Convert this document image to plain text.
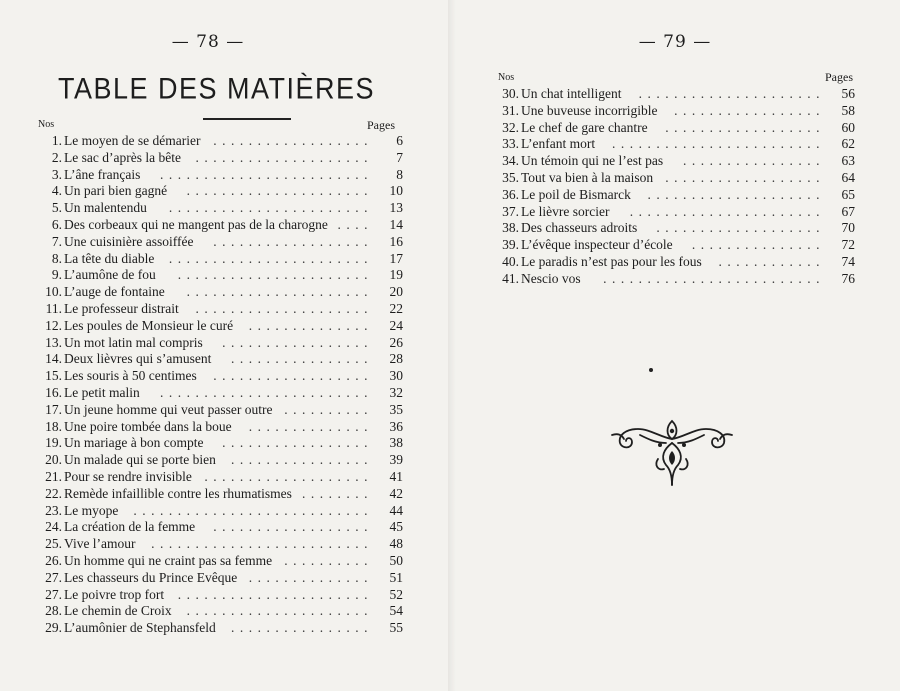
— 78 —
TABLE DES MATIÈRES
Nos	Pages
1. Le moyen de se démarier ..................	6
2. Le sac d’après la bête	....................	7
3. L’âne français	........................	8
4. Un pari bien gagné	.....................	10
5. Un malentendu	.......................	13
6. Des corbeaux qui ne mangent pas de la charogne ....	14
7. Une cuisinière assoiffée	..................	16
8. La tête du diable	.......................	17
9. L’aumône de fou	......................	19
10. L’auge de fontaine	.....................	20
11. Le professeur distrait	....................	22
12. Les poules de Monsieur le curé	..............	24
13. Un mot latin mal compris	.................	26
14. Deux lièvres qui s’amusent	................	28
15. Les souris à 50 centimes	..................	30
16. Le petit malin	........................	32
17. Un jeune homme qui veut passer outre ..........	35
18. Une poire tombée dans la boue	..............	36
19. Un mariage à bon compte	.................	38
20. Un malade qui se porte bien	................	39
21. Pour se rendre invisible ...................	41
22. Remède infaillible contre les rhumatismes ........	42
23. Le myope	...........................	44
24. La création de la femme	..................	45
25. Vive l’amour	.........................	48
26. Un homme qui ne craint pas sa femme ..........	50
27. Les chasseurs du Prince Evêque ..............	51
27. Le poivre trop fort	......................	52
28. Le chemin de Croix	.....................	54
29. L’aumônier de Stephansfeld	................	55
— 79 —
Nos	Pages
30. Un chat intelligent	.....................	56
31. Une buveuse incorrigible	.................	58
32. Le chef de gare chantre	..................	60
33. L’enfant mort	........................	62
34. Un témoin qui ne l’est pas	................	63
35. Tout va bien à la maison ..................	64
36. Le poil de Bismarck	....................	65
37. Le lièvre sorcier	......................	67
38. Des chasseurs adroits	...................	70
39. L’évêque inspecteur d’école	...............	72
40. Le paradis n’est pas pour les fous	............	74
41. Nescio vos	.........................	76
